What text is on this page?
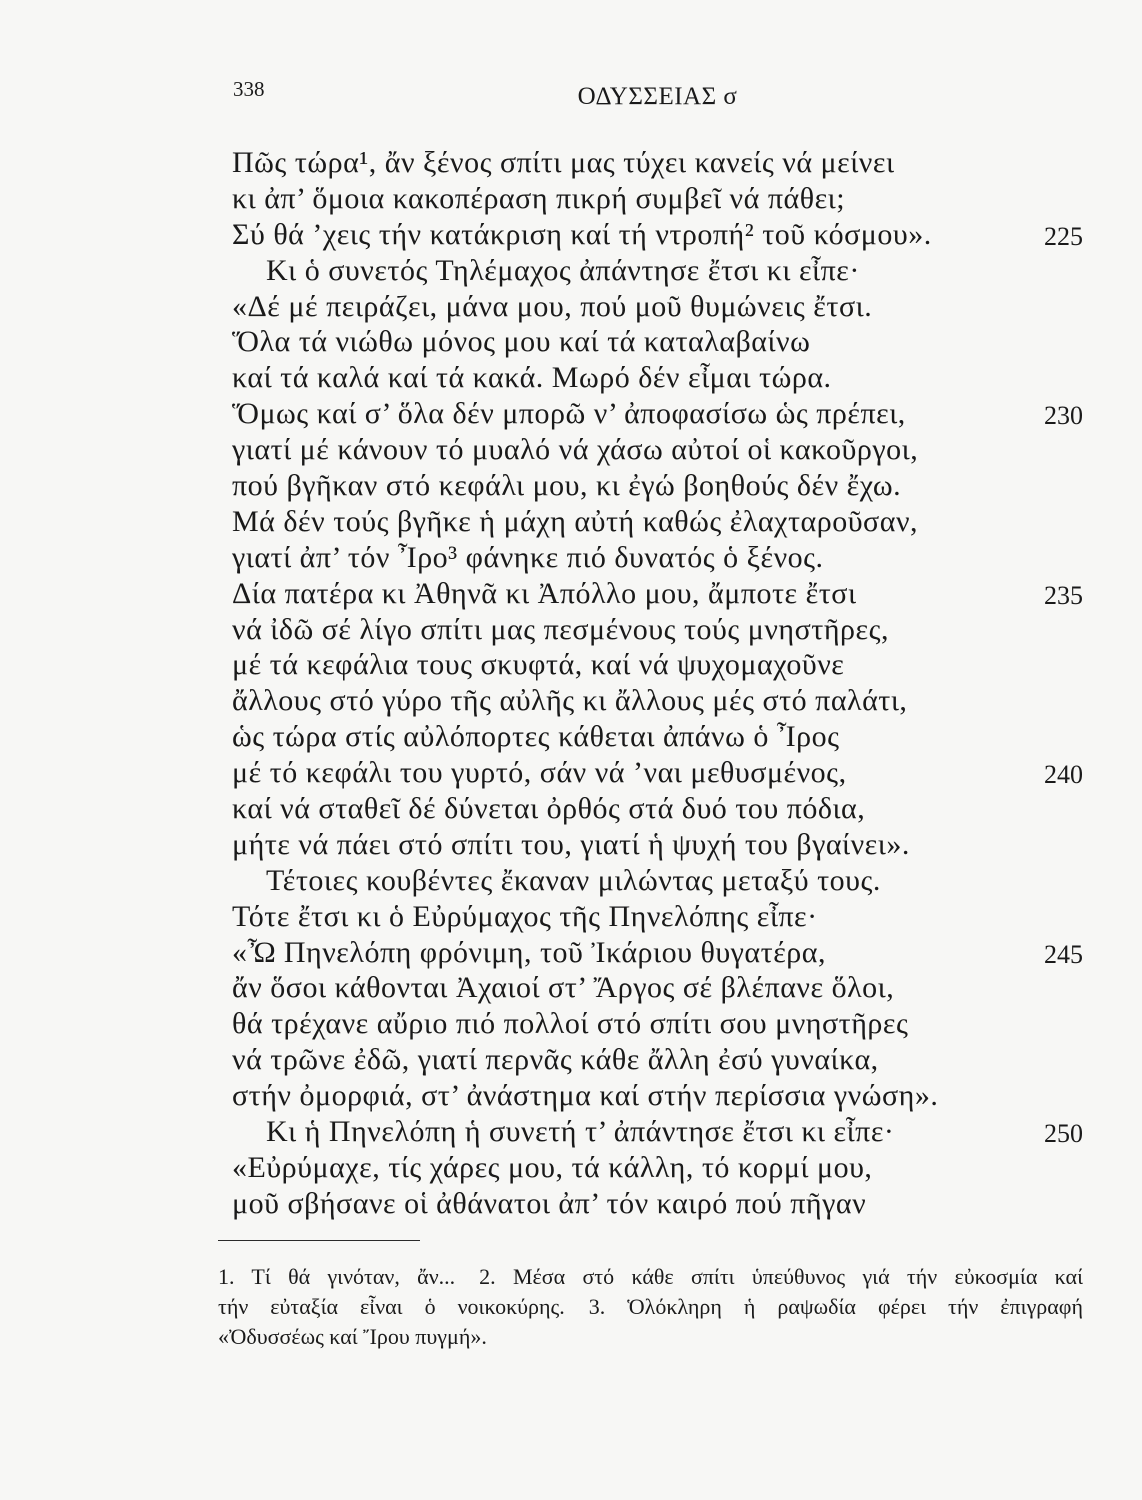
338	ΟΔΥΣΣΕΙΑΣ σ
Πῶς τώρα¹, ἄν ξένος σπίτι μας τύχει κανείς νά μείνει
κι ἀπ’ ὅμοια κακοπέραση πικρή συμβεῖ νά πάθει;
Σύ θά ’χεις τήν κατάκριση καί τή ντροπή² τοῦ κόσμου».	225
Κι ὁ συνετός Τηλέμαχος ἀπάντησε ἔτσι κι εἶπε·
«Δέ μέ πειράζει, μάνα μου, πού μοῦ θυμώνεις ἔτσι.
Ὅλα τά νιώθω μόνος μου καί τά καταλαβαίνω
καί τά καλά καί τά κακά. Μωρό δέν εἶμαι τώρα.
Ὅμως καί σ’ ὅλα δέν μπορῶ ν’ ἀποφασίσω ὡς πρέπει,	230
γιατί μέ κάνουν τό μυαλό νά χάσω αὐτοί οἱ κακοῦργοι,
πού βγῆκαν στό κεφάλι μου, κι ἐγώ βοηθούς δέν ἔχω.
Μά δέν τούς βγῆκε ἡ μάχη αὐτή καθώς ἐλαχταροῦσαν,
γιατί ἀπ’ τόν Ἶρο³ φάνηκε πιό δυνατός ὁ ξένος.
Δία πατέρα κι Ἀθηνᾶ κι Ἀπόλλο μου, ἄμποτε ἔτσι	235
νά ἰδῶ σέ λίγο σπίτι μας πεσμένους τούς μνηστῆρες,
μέ τά κεφάλια τους σκυφτά, καί νά ψυχομαχοῦνε
ἄλλους στό γύρο τῆς αὐλῆς κι ἄλλους μές στό παλάτι,
ὡς τώρα στίς αὐλόπορτες κάθεται ἀπάνω ὁ Ἶρος
μέ τό κεφάλι του γυρτό, σάν νά ’ναι μεθυσμένος,	240
καί νά σταθεῖ δέ δύνεται ὀρθός στά δυό του πόδια,
μήτε νά πάει στό σπίτι του, γιατί ἡ ψυχή του βγαίνει».
Τέτοιες κουβέντες ἔκαναν μιλώντας μεταξύ τους.
Τότε ἔτσι κι ὁ Εὐρύμαχος τῆς Πηνελόπης εἶπε·
«Ὦ Πηνελόπη φρόνιμη, τοῦ Ἰκάριου θυγατέρα,	245
ἄν ὅσοι κάθονται Ἀχαιοί στ’ Ἄργος σέ βλέπανε ὅλοι,
θά τρέχανε αὔριο πιό πολλοί στό σπίτι σου μνηστῆρες
νά τρῶνε ἐδῶ, γιατί περνᾶς κάθε ἄλλη ἐσύ γυναίκα,
στήν ὀμορφιά, στ’ ἀνάστημα καί στήν περίσσια γνώση».
Κι ἡ Πηνελόπη ἡ συνετή τ’ ἀπάντησε ἔτσι κι εἶπε·	250
«Εὐρύμαχε, τίς χάρες μου, τά κάλλη, τό κορμί μου,
μοῦ σβήσανε οἱ ἀθάνατοι ἀπ’ τόν καιρό πού πῆγαν
1. Τί θά γινόταν, ἄν... 2. Μέσα στό κάθε σπίτι ὑπεύθυνος γιά τήν εὐκοσμία καί
τήν εὐταξία εἶναι ὁ νοικοκύρης. 3. Ὁλόκληρη ἡ ραψωδία φέρει τήν ἐπιγραφή
«Ὀδυσσέως καί Ἴρου πυγμή».
